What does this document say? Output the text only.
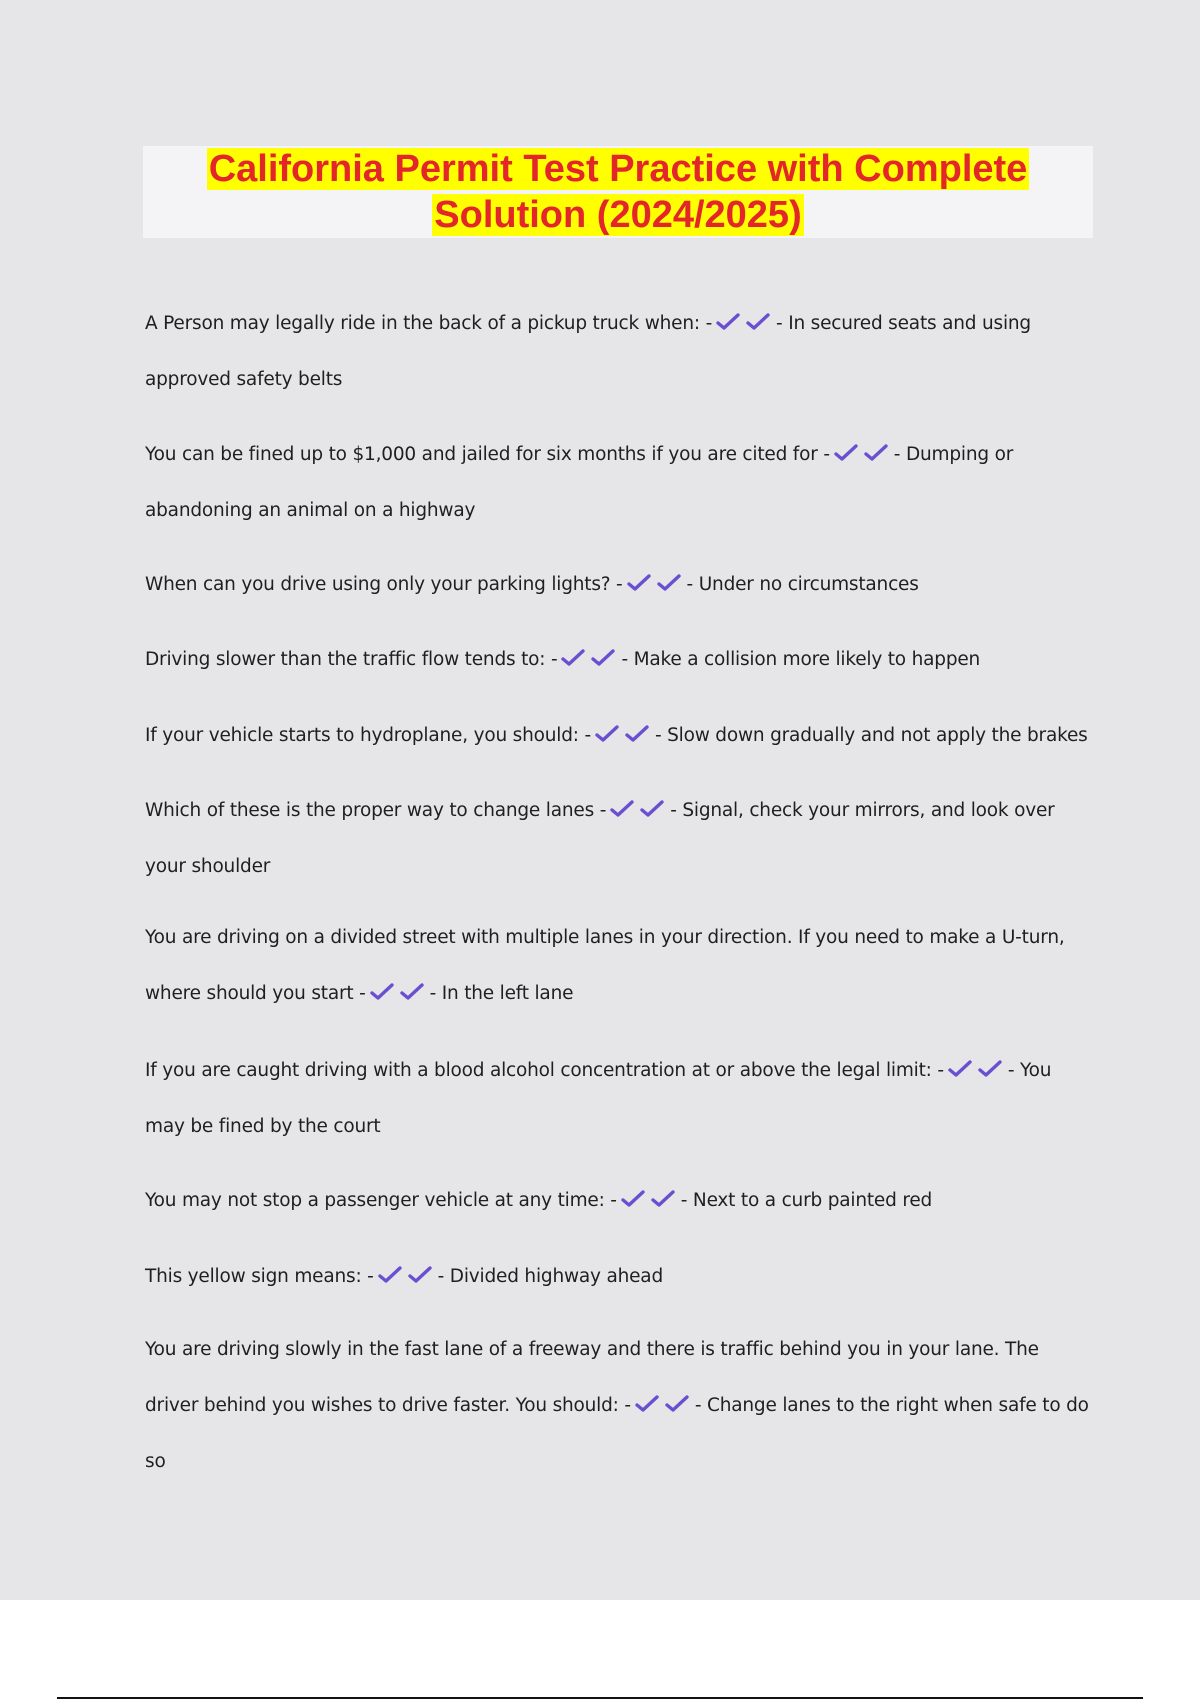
California Permit Test Practice with Complete
Solution (2024/2025)
A Person may legally ride in the back of a pickup truck when: -	- In secured seats and using approved safety belts
You can be fined up to $1,000 and jailed for six months if you are cited for -	- Dumping or abandoning an animal on a highway
When can you drive using only your parking lights? -	- Under no circumstances
Driving slower than the traffic flow tends to: -	- Make a collision more likely to happen
If your vehicle starts to hydroplane, you should: -	- Slow down gradually and not apply the brakes
Which of these is the proper way to change lanes -	- Signal, check your mirrors, and look over your shoulder
You are driving on a divided street with multiple lanes in your direction. If you need to make a U-turn, where should you start -	- In the left lane
If you are caught driving with a blood alcohol concentration at or above the legal limit: -	- You may be fined by the court
You may not stop a passenger vehicle at any time: -	- Next to a curb painted red
This yellow sign means: -	- Divided highway ahead
You are driving slowly in the fast lane of a freeway and there is traffic behind you in your lane. The driver behind you wishes to drive faster. You should: -	- Change lanes to the right when safe to do so
